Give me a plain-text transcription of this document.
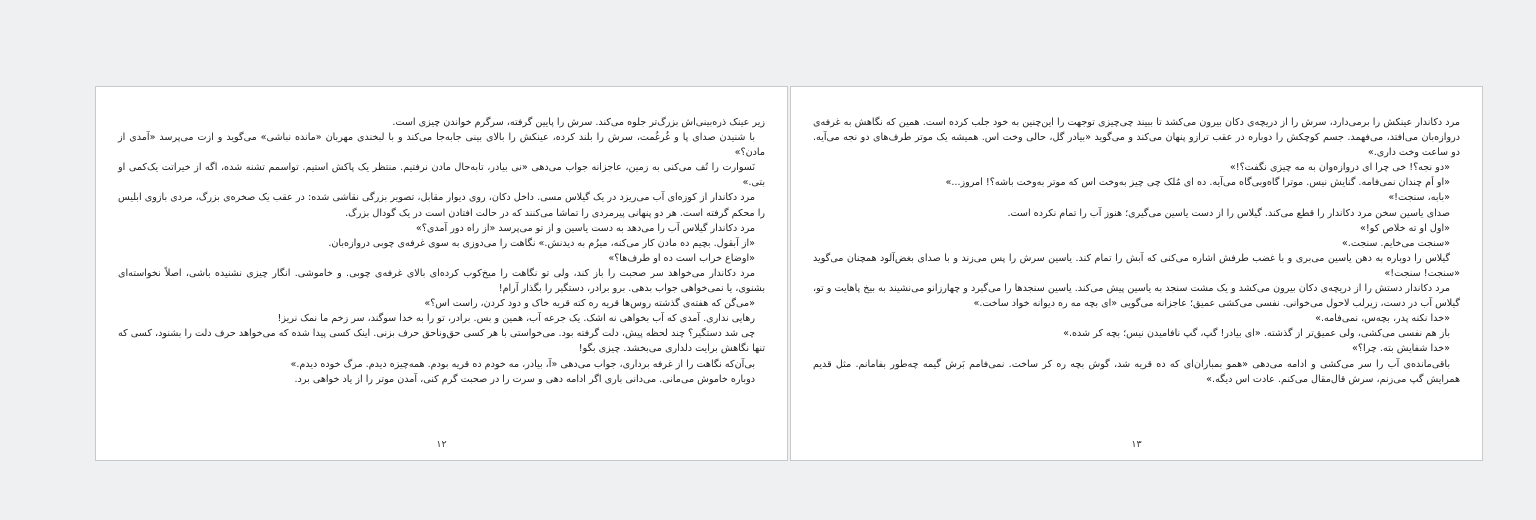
زیر عینک ذره‌بینی‌اش بزرگ‌تر جلوه می‌کند. سرش را پایین گرفته، سرگرم خواندن چیزی است.

با شنیدن صدای پا و غُرغُمت، سرش را بلند کرده، عینکش را بالای بینی جابه‌جا می‌کند و با لبخندی مهربان «مانده نباشی» می‌گوید و ازت می‌پرسد «آمدی از مادن؟»

نَسوارت را تُف می‌کنی به زمین، عاجزانه جواب می‌دهی «نی بیادر، تابه‌حال مادن نرفتیم. منتظر یک پاکش استیم. تواسمم تشنه شده، اگه از خیراتت یک‌کمی او بتی.»

مرد دکاندار از کوزه‌ای آب می‌ریزد در یک گیلاس مسی. داخل دکان، روی دیوار مقابل، تصویر بزرگی نقاشی شده: در عقب یک صخره‌ی بزرگ، مردی بازوی ابلیس را محکم گرفته است. هر دو پنهانی پیرمردی را تماشا می‌کنند که در حالت افتادن است در یک گودال بزرگ.

مرد دکاندار گیلاس آب را می‌دهد به دست یاسین و از تو می‌پرسد «از راه دور آمدی؟»

«از آبقول. بچیم ده مادن کار می‌کنه، میزُم به دیدنش.» نگاهت را می‌دوزی به سوی غرفه‌ی چوبی دروازه‌بان.

«اوضاع خراب است ده او طرف‌ها؟»

مرد دکاندار می‌خواهد سر صحبت را باز کند، ولی تو نگاهت را میخ‌کوب کرده‌ای بالای غرفه‌ی چوبی. و خاموشی. انگار چیزی نشنیده باشی، اصلاً نخواسته‌ای بشنوی، یا نمی‌خواهی جواب بدهی. برو برادر، دستگیر را بگذار آرام!

«می‌گن که هفته‌ی گذشته روس‌ها قریه ره کته قریه خاک و دود کردن، راست اس؟»

رهایی نداری. آمدی که آب بخواهی نه اشک. یک جرعه آب، همین و بس. برادر، تو را به خدا سوگند، سر زخم ما نمک نریز!

چی شد دستگیر؟ چند لحظه پیش، دلت گرفته بود. می‌خواستی با هر کسی حق‌وناحق حرف بزنی. اینک کسی پیدا شده که می‌خواهد حرف دلت را بشنود، کسی که تنها نگاهش برایت دلداری می‌بخشد. چیزی بگو!

بی‌آن‌که نگاهت را از غرفه برداری، جواب می‌دهی «آ، بیادر، مه خودم ده قریه بودم. همه‌چیزه دیدم. مرگ خوده دیدم.»

دوباره خاموش می‌مانی. می‌دانی باری اگر ادامه دهی و سرت را در صحبت گرم کنی، آمدن موتر را از یاد خواهی برد.

۱۲

مرد دکاندار عینکش را برمی‌دارد، سرش را از دریچه‌ی دکان بیرون می‌کشد تا ببیند چی‌چیزی توجهت را این‌چنین به خود جلب کرده است. همین که نگاهش به غرفه‌ی دروازه‌بان می‌افتد، می‌فهمد. جسم کوچکش را دوباره در عقب ترازو پنهان می‌کند و می‌گوید «بیادر گل، حالی وخت اس. همیشه یک موتر طرف‌های دو نجه می‌آیه. دو ساعت وخت داری.»

«دو نجه؟! خی چرا ای دروازه‌وان به مه چیزی نگفت؟!»

«او اَم چندان نمی‌فامه. گنایش نیس. موترا گاه‌وبی‌گاه می‌آیه. ده ای مُلک چی چیز به‌وخت اس که موتر به‌وخت باشه؟! امروز...»

«بابه، سنجت!»

صدای یاسین سخن مرد دکاندار را قطع می‌کند. گیلاس را از دست یاسین می‌گیری؛ هنوز آب را تمام نکرده است.

«اول او ته خلاص کو!»

«سنجت می‌خایم. سنجت.»

گیلاس را دوباره به دهن یاسین می‌بری و با غضب طرفش اشاره می‌کنی که آبش را تمام کند. یاسین سرش را پس می‌زند و با صدای بغض‌آلود همچنان می‌گوید «سنجت! سنجت!»

مرد دکاندار دستش را از دریچه‌ی دکان بیرون می‌کشد و یک مشت سنجد به یاسین پیش می‌کند. یاسین سنجدها را می‌گیرد و چهارزانو می‌نشیند به بیخ پاهایت و تو، گیلاس آب در دست، زیرلب لاحول می‌خوانی. نفسی می‌کشی عمیق؛ عاجزانه می‌گویی «ای بچه مه ره دیوانه خواد ساخت.»

«خدا نکنه پدر، بچه‌س، نمی‌فامه.»

باز هم نفسی می‌کشی، ولی عمیق‌تر از گذشته. «ای بیادر! گپ، گپ نافامیدن نیس؛ بچه کر شده.»

«خدا شفایش بته. چرا؟»

باقی‌مانده‌ی آب را سر می‌کشی و ادامه می‌دهی «همو بمباران‌ای که ده قریه شد، گوش بچه ره کر ساخت. نمی‌فامم بَرش گیمه چه‌طور بفامانم. مثل قدیم همرایش گپ می‌زنم، سرش قال‌مقال می‌کنم. عادت اس دیگه.»

۱۳
